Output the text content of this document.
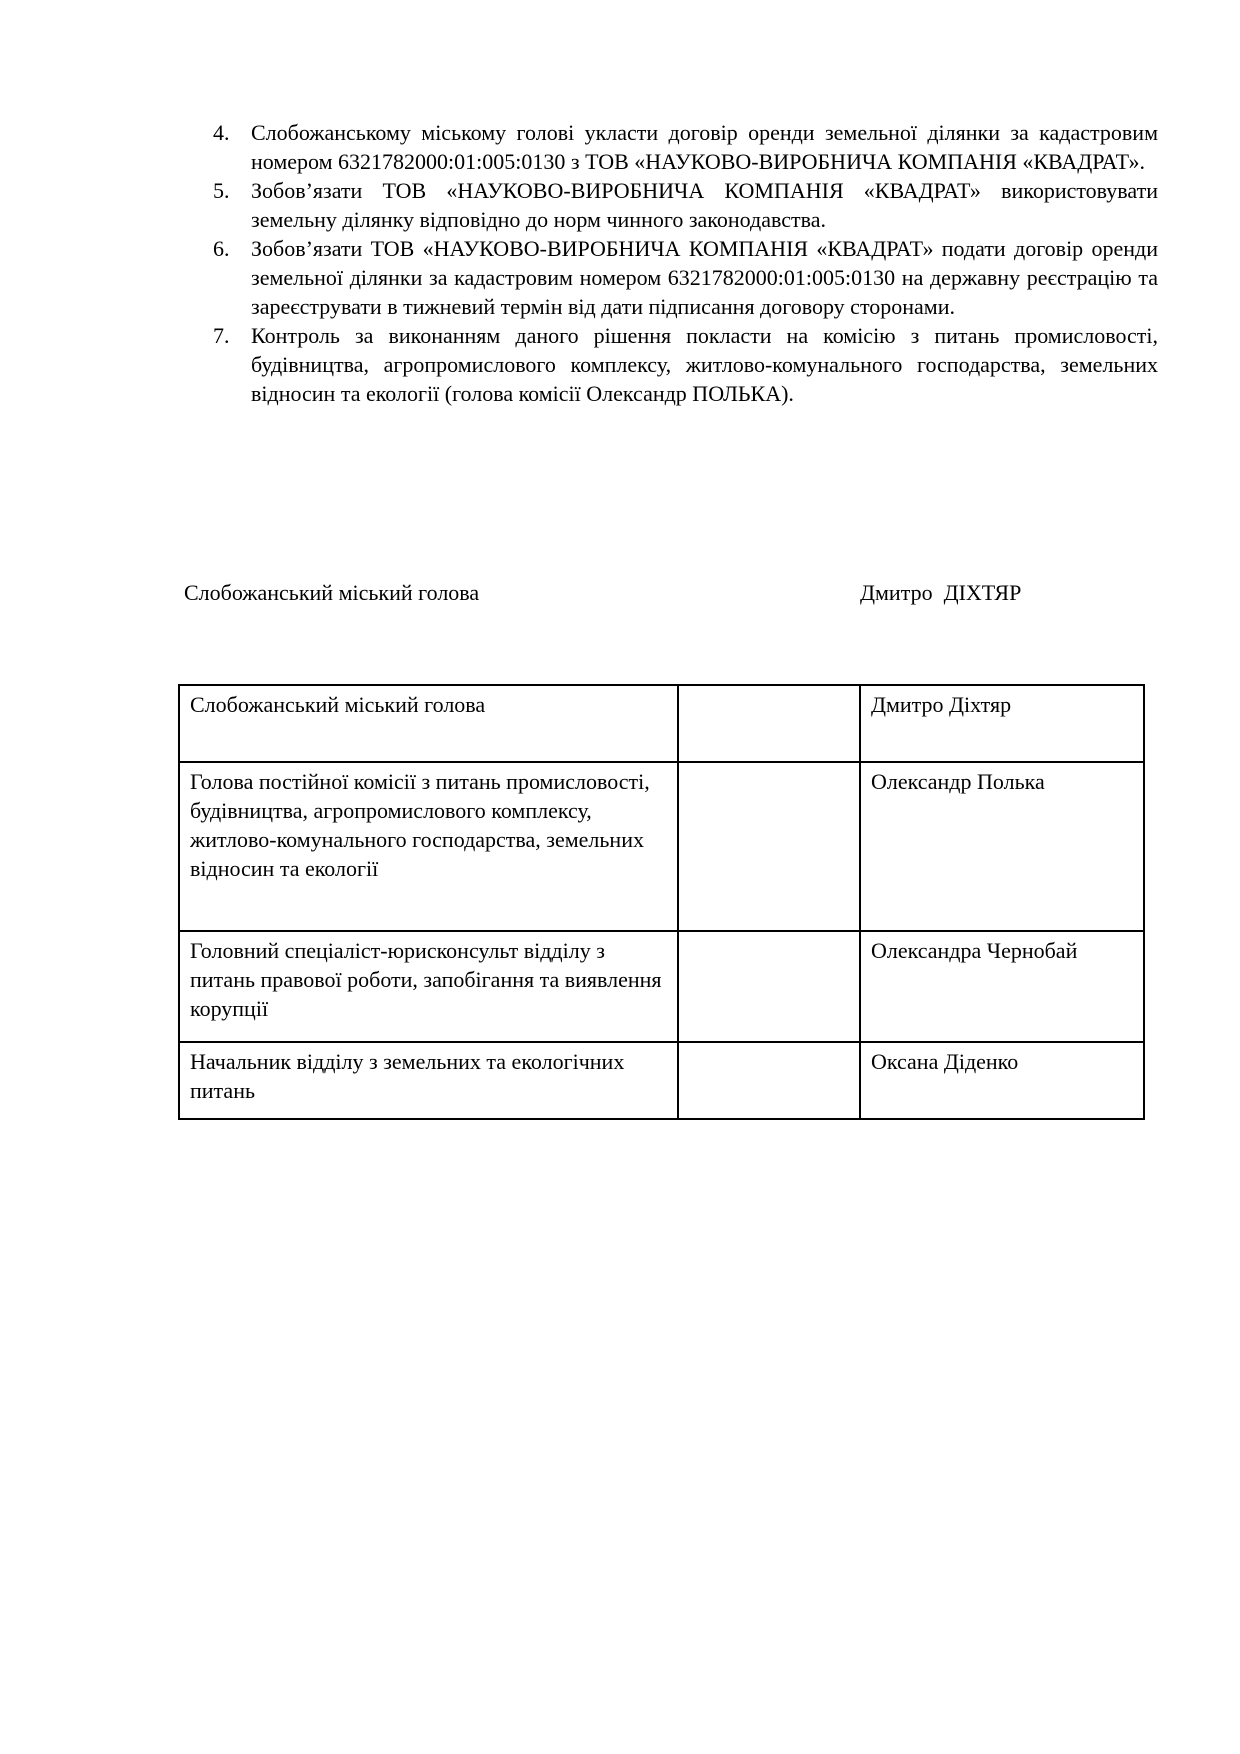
4. Слобожанському міському голові укласти договір оренди земельної ділянки за кадастровим номером 6321782000:01:005:0130 з ТОВ «НАУКОВО-ВИРОБНИЧА КОМПАНІЯ «КВАДРАТ».
5. Зобов’язати ТОВ «НАУКОВО-ВИРОБНИЧА КОМПАНІЯ «КВАДРАТ» використовувати земельну ділянку відповідно до норм чинного законодавства.
6. Зобов’язати ТОВ «НАУКОВО-ВИРОБНИЧА КОМПАНІЯ «КВАДРАТ» подати договір оренди земельної ділянки за кадастровим номером 6321782000:01:005:0130 на державну реєстрацію та зареєструвати в тижневий термін від дати підписання договору сторонами.
7. Контроль за виконанням даного рішення покласти на комісію з питань промисловості, будівництва, агропромислового комплексу, житлово-комунального господарства, земельних відносин та екології (голова комісії Олександр ПОЛЬКА).
Слобожанський міський голова	Дмитро  ДІХТЯР
Слобожанський міський голова		Дмитро Діхтяр
Голова постійної комісії з питань промисловості, будівництва, агропромислового комплексу, житлово-комунального господарства, земельних відносин та екології		Олександр Полька
Головний спеціаліст-юрисконсульт відділу з питань правової роботи, запобігання та виявлення корупції		Олександра Чернобай
Начальник відділу з земельних та екологічних питань		Оксана Діденко
